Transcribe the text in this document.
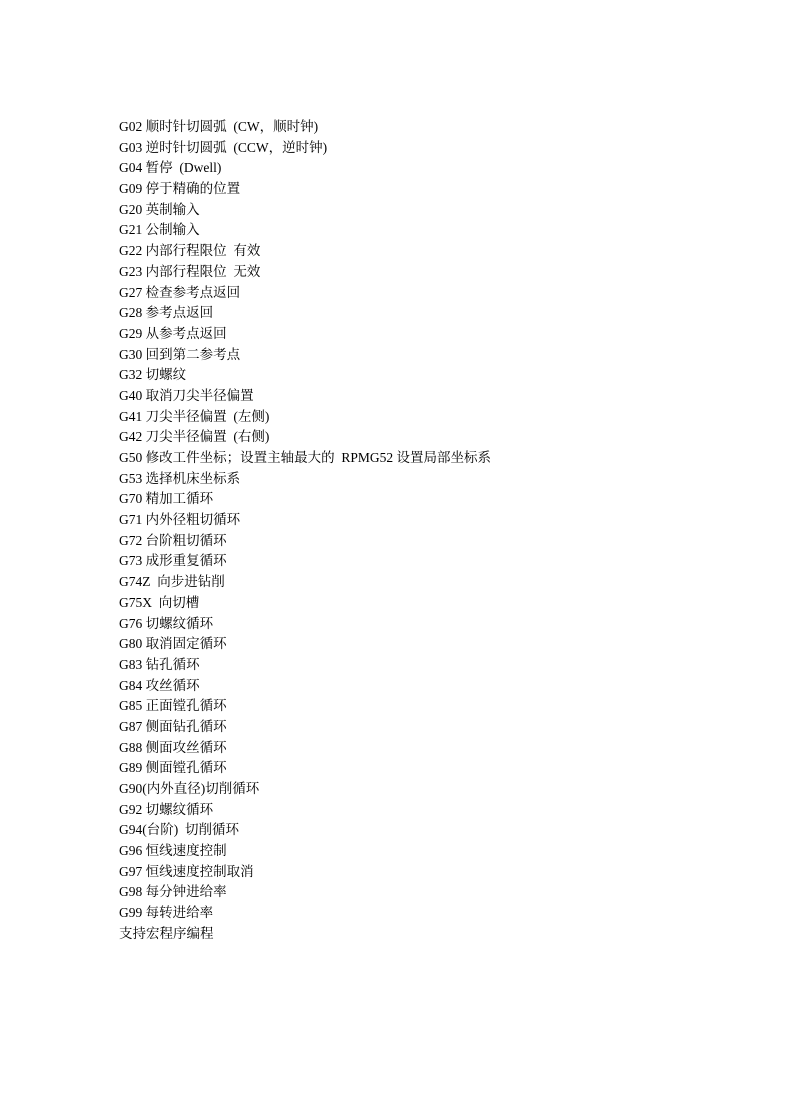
G02 顺时针切圆弧  (CW，顺时钟)
G03 逆时针切圆弧  (CCW，逆时钟)
G04 暂停  (Dwell)
G09 停于精确的位置
G20 英制输入
G21 公制输入
G22 内部行程限位  有效
G23 内部行程限位  无效
G27 检查参考点返回
G28 参考点返回
G29 从参考点返回
G30 回到第二参考点
G32 切螺纹
G40 取消刀尖半径偏置
G41 刀尖半径偏置  (左侧)
G42 刀尖半径偏置  (右侧)
G50 修改工件坐标；设置主轴最大的  RPMG52 设置局部坐标系
G53 选择机床坐标系
G70 精加工循环
G71 内外径粗切循环
G72 台阶粗切循环
G73 成形重复循环
G74Z  向步进钻削
G75X  向切槽
G76 切螺纹循环
G80 取消固定循环
G83 钻孔循环
G84 攻丝循环
G85 正面镗孔循环
G87 侧面钻孔循环
G88 侧面攻丝循环
G89 侧面镗孔循环
G90(内外直径)切削循环
G92 切螺纹循环
G94(台阶)  切削循环
G96 恒线速度控制
G97 恒线速度控制取消
G98 每分钟进给率
G99 每转进给率
支持宏程序编程
